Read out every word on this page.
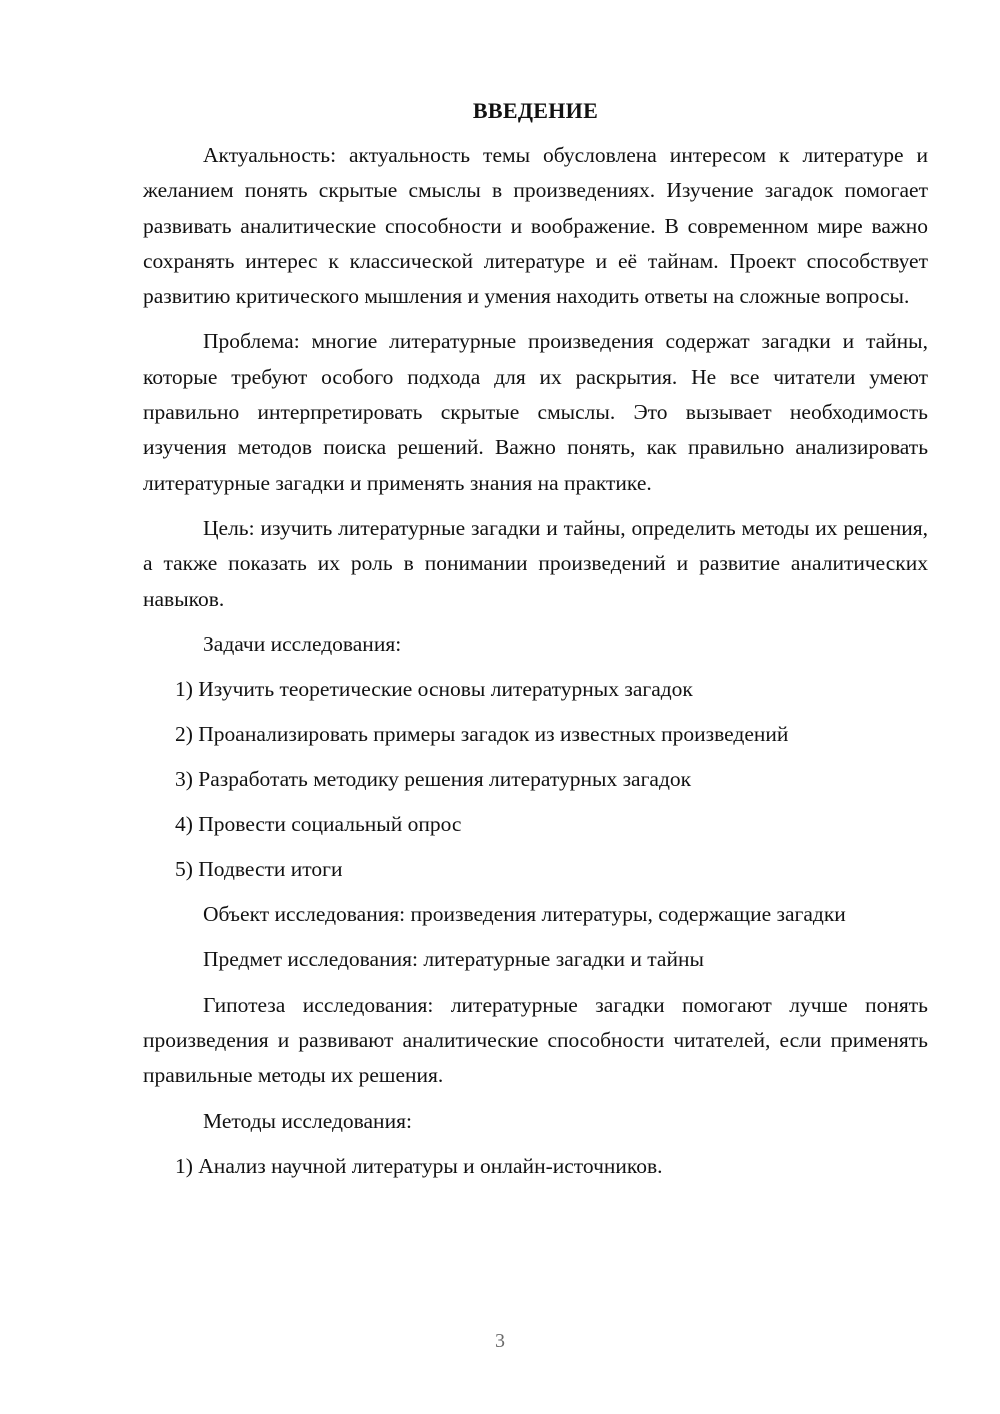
ВВЕДЕНИЕ

Актуальность: актуальность темы обусловлена интересом к литературе и желанием понять скрытые смыслы в произведениях. Изучение загадок помогает развивать аналитические способности и воображение. В современном мире важно сохранять интерес к классической литературе и её тайнам. Проект способствует развитию критического мышления и умения находить ответы на сложные вопросы.

Проблема: многие литературные произведения содержат загадки и тайны, которые требуют особого подхода для их раскрытия. Не все читатели умеют правильно интерпретировать скрытые смыслы. Это вызывает необходимость изучения методов поиска решений. Важно понять, как правильно анализировать литературные загадки и применять знания на практике.

Цель: изучить литературные загадки и тайны, определить методы их решения, а также показать их роль в понимании произведений и развитие аналитических навыков.

Задачи исследования:

1) Изучить теоретические основы литературных загадок
2) Проанализировать примеры загадок из известных произведений
3) Разработать методику решения литературных загадок
4) Провести социальный опрос
5) Подвести итоги

Объект исследования: произведения литературы, содержащие загадки

Предмет исследования: литературные загадки и тайны

Гипотеза исследования: литературные загадки помогают лучше понять произведения и развивают аналитические способности читателей, если применять правильные методы их решения.

Методы исследования:

1) Анализ научной литературы и онлайн-источников.
3
